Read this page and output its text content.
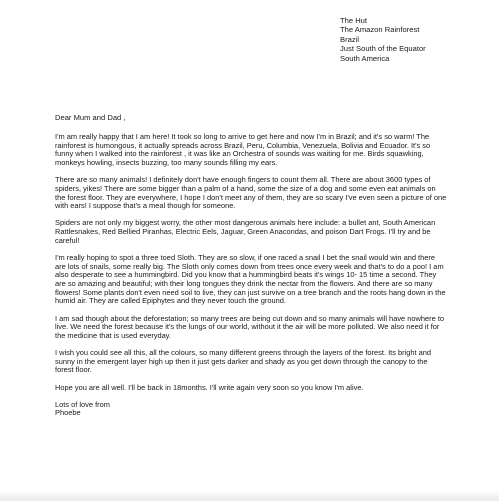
The Hut
The Amazon Rainforest
Brazil
Just South of the Equator
South America
Dear Mum and Dad ,

I'm am really happy that I am here! It took so long to arrive to get here and now I'm in Brazil; and it's so warm! The rainforest is humongous, it actually spreads across Brazil, Peru, Columbia, Venezuela, Bolivia and Ecuador. It's so funny when I walked into the rainforest , it was like an Orchestra of sounds was waiting for me. Birds squawking, monkeys howling, insects buzzing, too many sounds filling my ears.

There are so many animals! I definitely don't have enough fingers to count them all. There are about 3600 types of spiders, yikes! There are some bigger than a palm of a hand, some the size of a dog and some even eat animals on the forest floor. They are everywhere, I hope I don't meet any of them, they are so scary I've even seen a picture of one with ears! I suppose that's a meal though for someone.

Spiders are not only my biggest worry, the other most dangerous animals here include: a bullet ant, South American Rattlesnakes, Red Bellied Piranhas, Electric Eels, Jaguar, Green Anacondas, and poison Dart Frogs. I'll try and be careful!

I'm really hoping to spot a three toed Sloth. They are so slow, if one raced a snail I bet the snail would win and there are lots of snails, some really big. The Sloth only comes down from trees once every week and that's to do a poo! I am also desperate to see a hummingbird. Did you know that a hummingbird beats it's wings 10- 15 time a second. They are so amazing and beautiful; with their long tongues they drink the nectar from the flowers. And there are so many flowers! Some plants don't even need soil to live, they can just survive on a tree branch and the roots hang down in the humid air. They are called Epiphytes and they never touch the ground.

I am sad though about the deforestation; so many trees are being cut down and so many animals will have nowhere to live. We need the forest because it's the lungs of our world, without it the air will be more polluted. We also need it for the medicine that is used everyday.

I wish you could see all this, all the colours, so many different greens through the layers of the forest. Its bright and sunny in the emergent layer high up then it just gets darker and shady as you get down through the canopy to the forest floor.

Hope you are all well. I'll be back in 18months. I'll write again very soon so you know I'm alive.

Lots of love from
Phoebe
